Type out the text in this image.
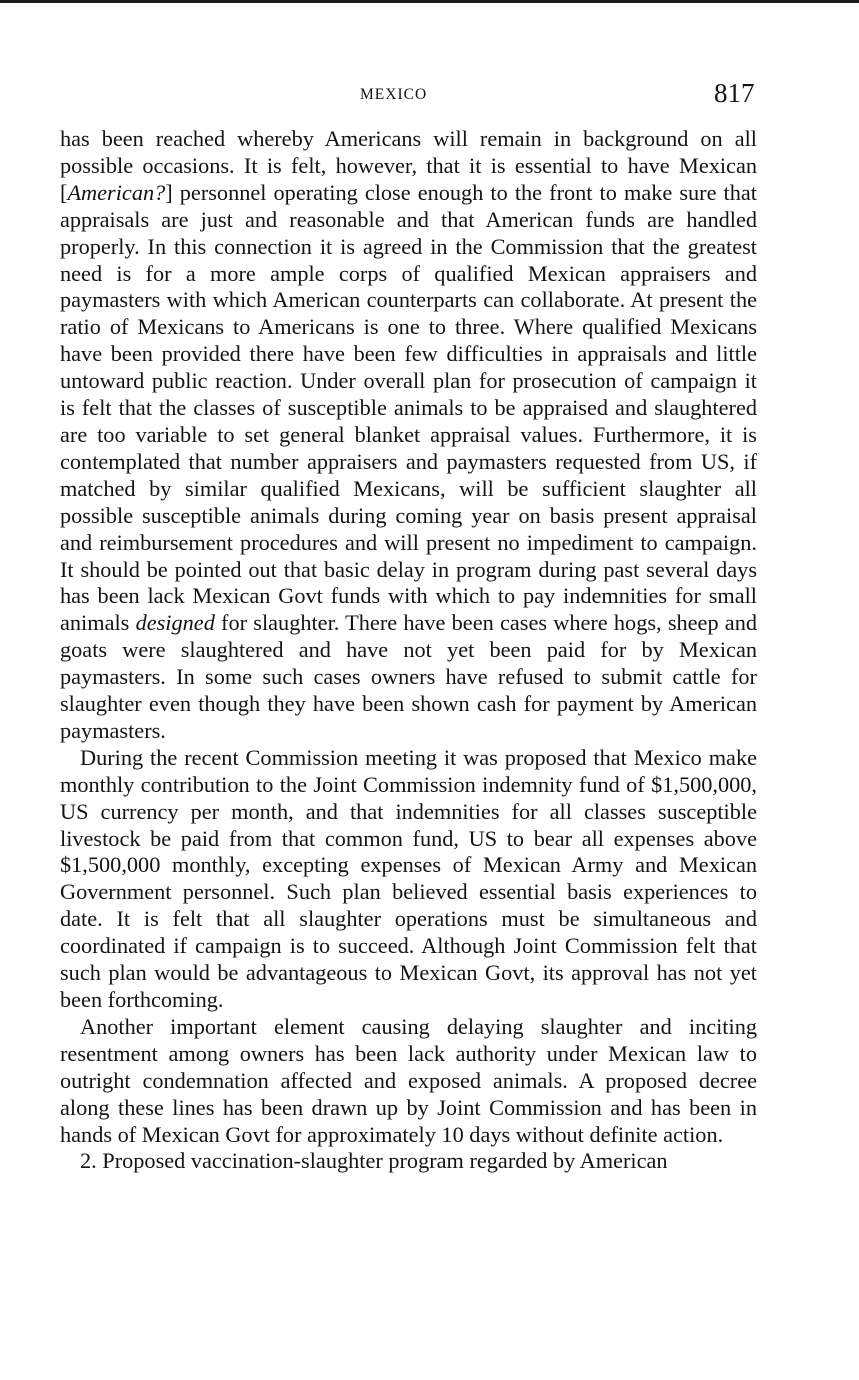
MEXICO	817

has been reached whereby Americans will remain in background on all possible occasions. It is felt, however, that it is essential to have Mexican [American?] personnel operating close enough to the front to make sure that appraisals are just and reasonable and that American funds are handled properly. In this connection it is agreed in the Commission that the greatest need is for a more ample corps of qualified Mexican appraisers and paymasters with which American counterparts can collaborate. At present the ratio of Mexicans to Americans is one to three. Where qualified Mexicans have been provided there have been few difficulties in appraisals and little untoward public reaction. Under overall plan for prosecution of campaign it is felt that the classes of susceptible animals to be appraised and slaughtered are too variable to set general blanket appraisal values. Furthermore, it is contemplated that number appraisers and paymasters requested from US, if matched by similar qualified Mexicans, will be sufficient slaughter all possible susceptible animals during coming year on basis present appraisal and reimbursement procedures and will present no impediment to campaign. It should be pointed out that basic delay in program during past several days has been lack Mexican Govt funds with which to pay indemnities for small animals designed for slaughter. There have been cases where hogs, sheep and goats were slaughtered and have not yet been paid for by Mexican paymasters. In some such cases owners have refused to submit cattle for slaughter even though they have been shown cash for payment by American paymasters.

During the recent Commission meeting it was proposed that Mexico make monthly contribution to the Joint Commission indemnity fund of $1,500,000, US currency per month, and that indemnities for all classes susceptible livestock be paid from that common fund, US to bear all expenses above $1,500,000 monthly, excepting expenses of Mexican Army and Mexican Government personnel. Such plan believed essential basis experiences to date. It is felt that all slaughter operations must be simultaneous and coordinated if campaign is to succeed. Although Joint Commission felt that such plan would be advantageous to Mexican Govt, its approval has not yet been forthcoming.

Another important element causing delaying slaughter and inciting resentment among owners has been lack authority under Mexican law to outright condemnation affected and exposed animals. A proposed decree along these lines has been drawn up by Joint Commission and has been in hands of Mexican Govt for approximately 10 days without definite action.

2. Proposed vaccination-slaughter program regarded by American
